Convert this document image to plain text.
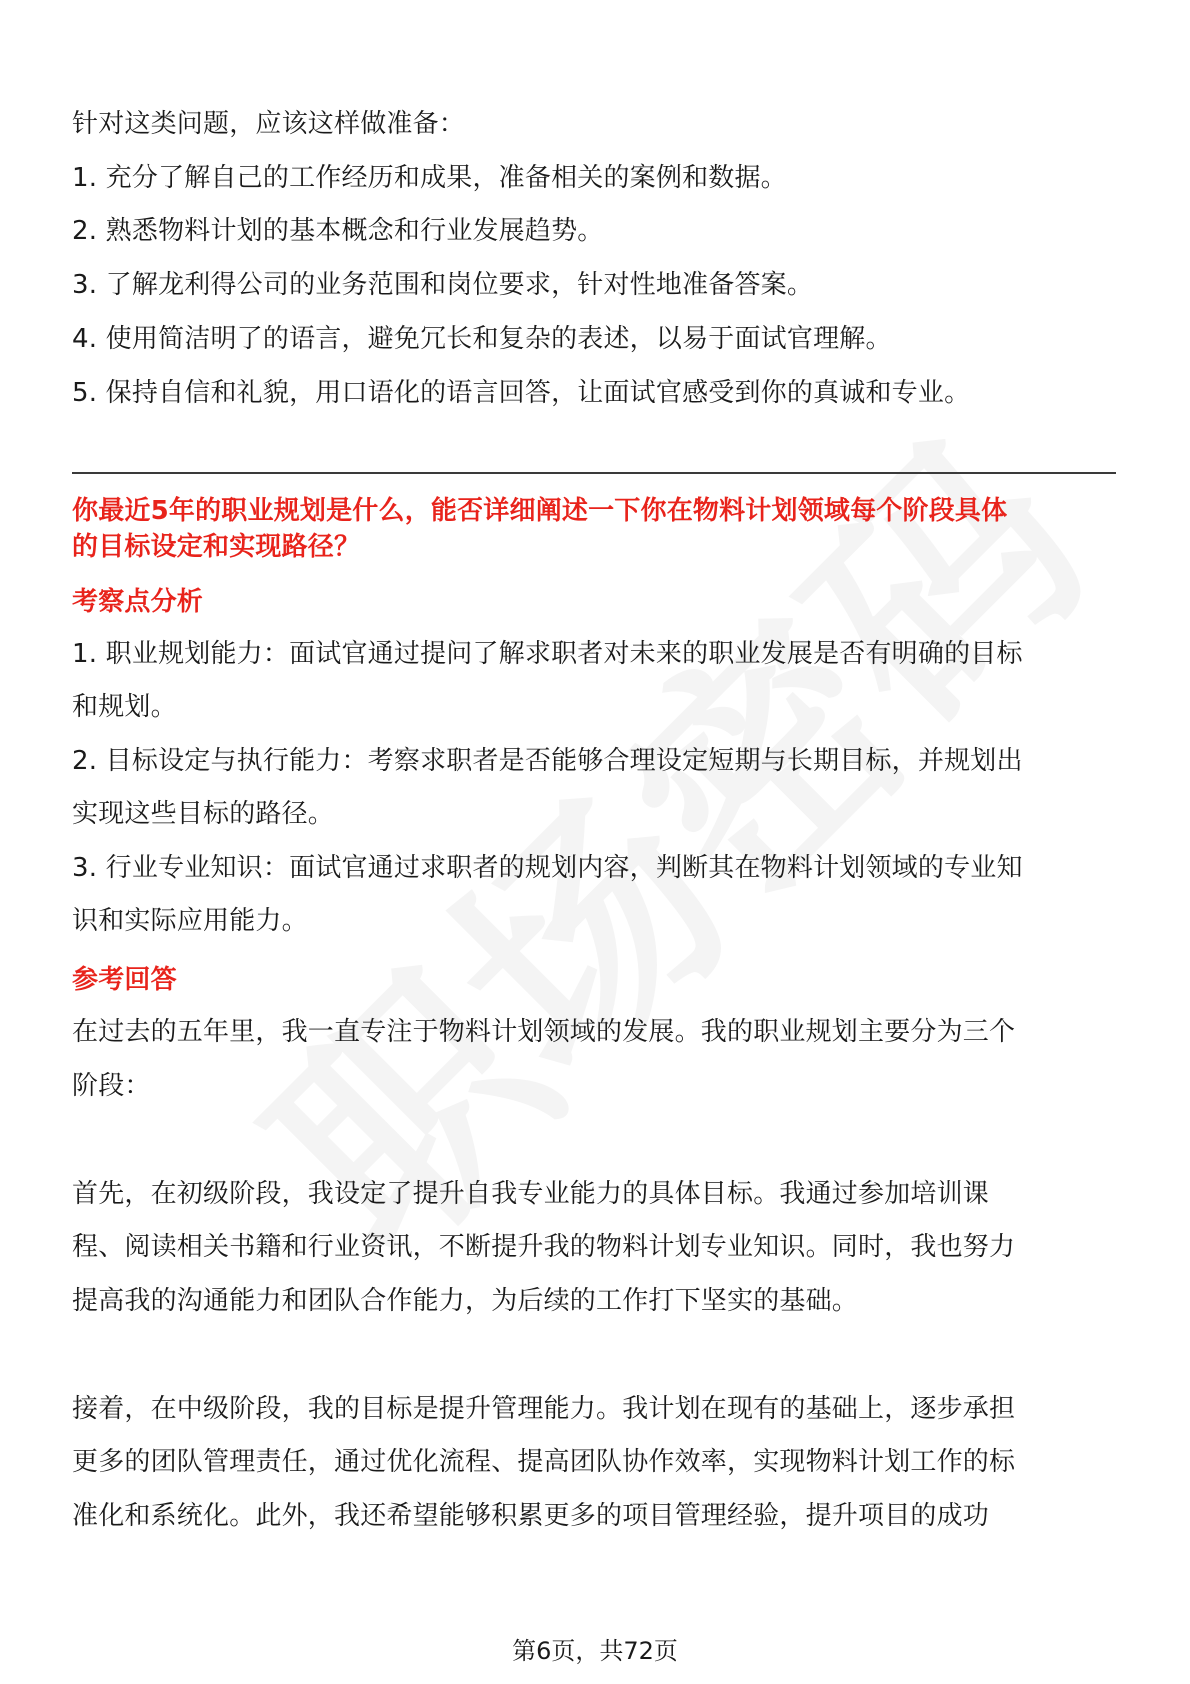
针对这类问题，应该这样做准备：
1. 充分了解自己的工作经历和成果，准备相关的案例和数据。
2. 熟悉物料计划的基本概念和行业发展趋势。
3. 了解龙利得公司的业务范围和岗位要求，针对性地准备答案。
4. 使用简洁明了的语言，避免冗长和复杂的表述，以易于面试官理解。
5. 保持自信和礼貌，用口语化的语言回答，让面试官感受到你的真诚和专业。
你最近5年的职业规划是什么，能否详细阐述一下你在物料计划领域每个阶段具体
的目标设定和实现路径？
考察点分析
1. 职业规划能力：面试官通过提问了解求职者对未来的职业发展是否有明确的目标
和规划。
2. 目标设定与执行能力：考察求职者是否能够合理设定短期与长期目标，并规划出
实现这些目标的路径。
3. 行业专业知识：面试官通过求职者的规划内容，判断其在物料计划领域的专业知
识和实际应用能力。
参考回答
在过去的五年里，我一直专注于物料计划领域的发展。我的职业规划主要分为三个
阶段：
首先，在初级阶段，我设定了提升自我专业能力的具体目标。我通过参加培训课
程、阅读相关书籍和行业资讯，不断提升我的物料计划专业知识。同时，我也努力
提高我的沟通能力和团队合作能力，为后续的工作打下坚实的基础。
接着，在中级阶段，我的目标是提升管理能力。我计划在现有的基础上，逐步承担
更多的团队管理责任，通过优化流程、提高团队协作效率，实现物料计划工作的标
准化和系统化。此外，我还希望能够积累更多的项目管理经验，提升项目的成功
第6页，共72页
